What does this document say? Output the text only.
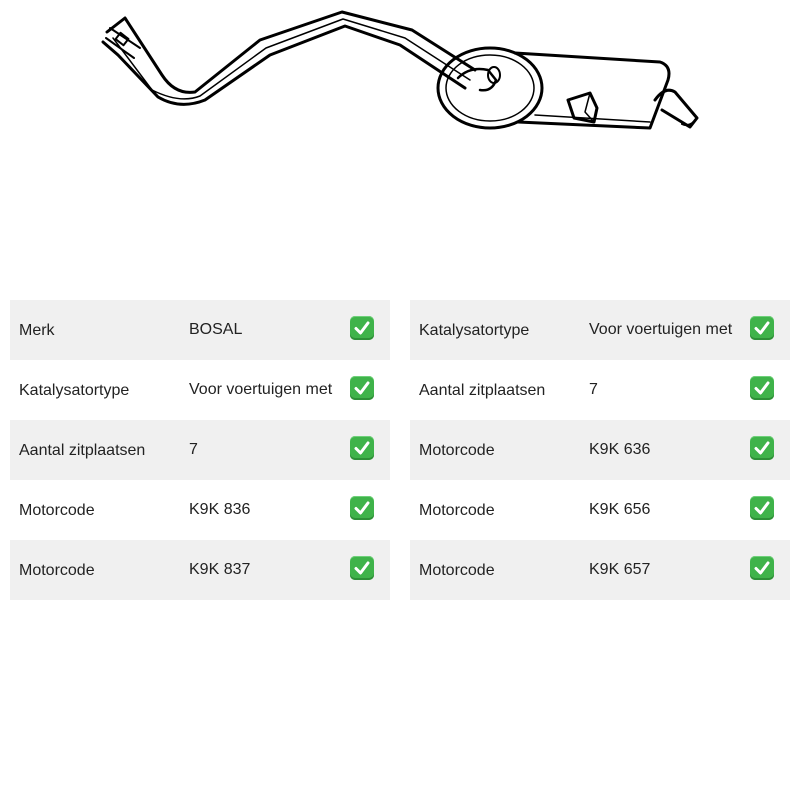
Merk	BOSAL
Katalysatortype	Voor voertuigen met
Aantal zitplaatsen	7
Motorcode	K9K 836
Motorcode	K9K 837
Katalysatortype	Voor voertuigen met
Aantal zitplaatsen	7
Motorcode	K9K 636
Motorcode	K9K 656
Motorcode	K9K 657
